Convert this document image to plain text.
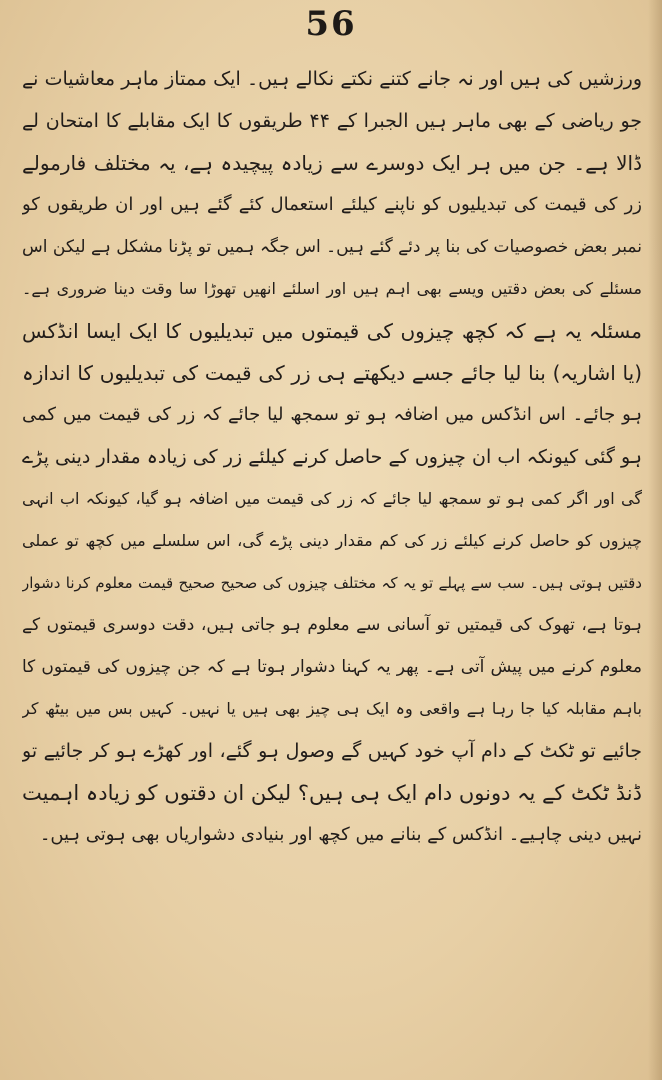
56
ورزشیں کی ہیں اور نہ جانے کتنے نکتے نکالے ہیں۔ ایک ممتاز ماہر معاشیات نے
جو ریاضی کے بھی ماہر ہیں الجبرا کے ۴۴ طریقوں کا ایک مقابلے کا امتحان لے
ڈالا ہے۔ جن میں ہر ایک دوسرے سے زیادہ پیچیدہ ہے، یہ مختلف فارمولے
زر کی قیمت کی تبدیلیوں کو ناپنے کیلئے استعمال کئے گئے ہیں اور ان طریقوں کو
نمبر بعض خصوصیات کی بنا پر دئے گئے ہیں۔ اس جگہ ہمیں تو پڑنا مشکل ہے لیکن اس
مسئلے کی بعض دقتیں ویسے بھی اہم ہیں اور اسلئے انھیں تھوڑا سا وقت دینا ضروری ہے۔
مسئلہ یہ ہے کہ کچھ چیزوں کی قیمتوں میں تبدیلیوں کا ایک ایسا انڈکس
(یا اشاریہ) بنا لیا جائے جسے دیکھتے ہی زر کی قیمت کی تبدیلیوں کا اندازہ
ہو جائے۔ اس انڈکس میں اضافہ ہو تو سمجھ لیا جائے کہ زر کی قیمت میں کمی
ہو گئی کیونکہ اب ان چیزوں کے حاصل کرنے کیلئے زر کی زیادہ مقدار دینی پڑے
گی اور اگر کمی ہو تو سمجھ لیا جائے کہ زر کی قیمت میں اضافہ ہو گیا، کیونکہ اب انہی
چیزوں کو حاصل کرنے کیلئے زر کی کم مقدار دینی پڑے گی، اس سلسلے میں کچھ تو عملی
دقتیں ہوتی ہیں۔ سب سے پہلے تو یہ کہ مختلف چیزوں کی صحیح صحیح قیمت معلوم کرنا دشوار
ہوتا ہے، تھوک کی قیمتیں تو آسانی سے معلوم ہو جاتی ہیں، دقت دوسری قیمتوں کے
معلوم کرنے میں پیش آتی ہے۔ پھر یہ کہنا دشوار ہوتا ہے کہ جن چیزوں کی قیمتوں کا
باہم مقابلہ کیا جا رہا ہے واقعی وہ ایک ہی چیز بھی ہیں یا نہیں۔ کہیں بس میں بیٹھ کر
جائیے تو ٹکٹ کے دام آپ خود کہیں گے وصول ہو گئے، اور کھڑے ہو کر جائیے تو
ڈنڈ ٹکٹ کے یہ دونوں دام ایک ہی ہیں؟ لیکن ان دقتوں کو زیادہ اہمیت
نہیں دینی چاہیے۔ انڈکس کے بنانے میں کچھ اور بنیادی دشواریاں بھی ہوتی ہیں۔
